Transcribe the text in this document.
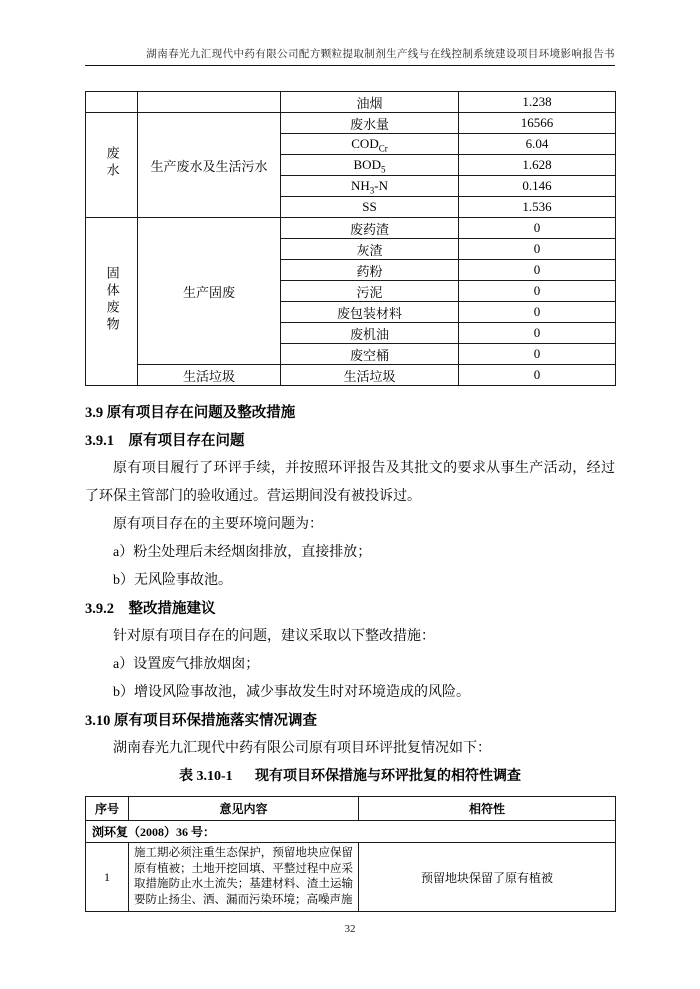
湖南春光九汇现代中药有限公司配方颗粒提取制剂生产线与在线控制系统建设项目环境影响报告书
		油烟	1.238
废水	生产废水及生活污水	废水量	16566
		$COD_{Cr}$	6.04
		$BOD_5$	1.628
		$NH_3-N$	0.146
		SS	1.536
固体废物	生产固废	废药渣	0
		灰渣	0
		药粉	0
		污泥	0
		废包装材料	0
		废机油	0
		废空桶	0
	生活垃圾	生活垃圾	0
3.9 原有项目存在问题及整改措施
3.9.1　原有项目存在问题
原有项目履行了环评手续，并按照环评报告及其批文的要求从事生产活动，经过了环保主管部门的验收通过。营运期间没有被投诉过。
原有项目存在的主要环境问题为：
a）粉尘处理后未经烟囱排放，直接排放；
b）无风险事故池。
3.9.2　整改措施建议
针对原有项目存在的问题，建议采取以下整改措施：
a）设置废气排放烟囱；
b）增设风险事故池，减少事故发生时对环境造成的风险。
3.10 原有项目环保措施落实情况调查
湖南春光九汇现代中药有限公司原有项目环评批复情况如下：
表 3.10-1 现有项目环保措施与环评批复的相符性调查
序号	意见内容	相符性
浏环复（2008）36 号：		
1	施工期必须注重生态保护，预留地块应保留原有植被；土地开挖回填、平整过程中应采取措施防止水土流失；基建材料、渣土运输要防止扬尘、洒、漏而污染环境；高噪声施	预留地块保留了原有植被
32
